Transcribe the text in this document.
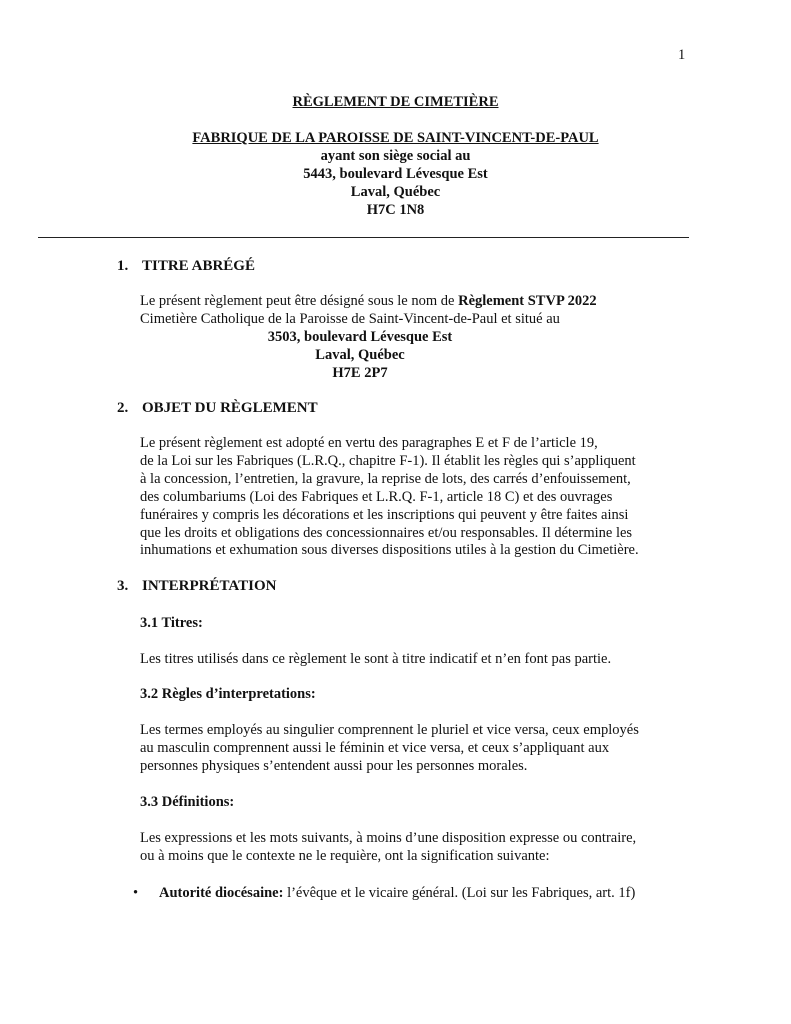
1
RÈGLEMENT DE CIMETIÈRE
FABRIQUE DE LA PAROISSE DE SAINT-VINCENT-DE-PAUL
ayant son siège social au
5443, boulevard Lévesque Est
Laval, Québec
H7C 1N8
1. TITRE ABRÉGÉ
Le présent règlement peut être désigné sous le nom de Règlement STVP 2022
Cimetière Catholique de la Paroisse de Saint-Vincent-de-Paul et situé au
3503, boulevard Lévesque Est
Laval, Québec
H7E 2P7
2. OBJET DU RÈGLEMENT
Le présent règlement est adopté en vertu des paragraphes E et F de l’article 19,
de la Loi sur les Fabriques (L.R.Q., chapitre F-1). Il établit les règles qui s’appliquent
à la concession, l’entretien, la gravure, la reprise de lots, des carrés d’enfouissement,
des columbariums (Loi des Fabriques et L.R.Q. F-1, article 18 C) et des ouvrages
funéraires y compris les décorations et les inscriptions qui peuvent y être faites ainsi
que les droits et obligations des concessionnaires et/ou responsables. Il détermine les
inhumations et exhumation sous diverses dispositions utiles à la gestion du Cimetière.
3. INTERPRÉTATION
3.1 Titres:
Les titres utilisés dans ce règlement le sont à titre indicatif et n’en font pas partie.
3.2 Règles d’interpretations:
Les termes employés au singulier comprennent le pluriel et vice versa, ceux employés
au masculin comprennent aussi le féminin et vice versa, et ceux s’appliquant aux
personnes physiques s’entendent aussi pour les personnes morales.
3.3 Définitions:
Les expressions et les mots suivants, à moins d’une disposition expresse ou contraire,
ou à moins que le contexte ne le requière, ont la signification suivante:
• Autorité diocésaine: l’évêque et le vicaire général. (Loi sur les Fabriques, art. 1f)
